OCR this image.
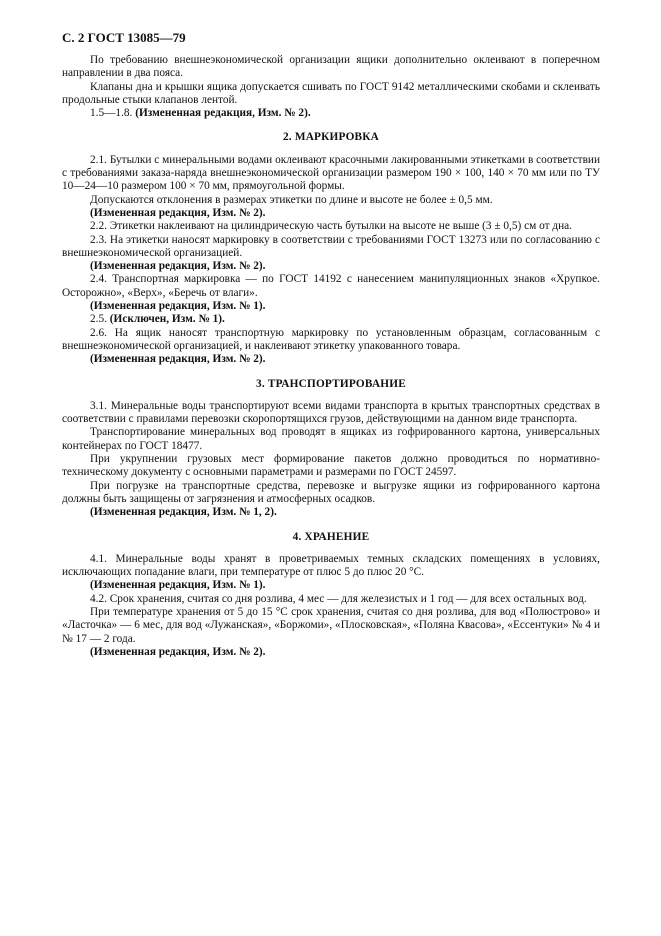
С. 2 ГОСТ 13085—79

По требованию внешнеэкономической организации ящики дополнительно оклеивают в поперечном направлении в два пояса.

Клапаны дна и крышки ящика допускается сшивать по ГОСТ 9142 металлическими скобами и склеивать продольные стыки клапанов лентой.

1.5—1.8. (Измененная редакция, Изм. № 2).

2. МАРКИРОВКА

2.1. Бутылки с минеральными водами оклеивают красочными лакированными этикетками в соответствии с требованиями заказа-наряда внешнеэкономической организации размером 190 × 100, 140 × 70 мм или по ТУ 10—24—10 размером 100 × 70 мм, прямоугольной формы.

Допускаются отклонения в размерах этикетки по длине и высоте не более ± 0,5 мм.

(Измененная редакция, Изм. № 2).

2.2. Этикетки наклеивают на цилиндрическую часть бутылки на высоте не выше (3 ± 0,5) см от дна.

2.3. На этикетки наносят маркировку в соответствии с требованиями ГОСТ 13273 или по согласованию с внешнеэкономической организацией.

(Измененная редакция, Изм. № 2).

2.4. Транспортная маркировка — по ГОСТ 14192 с нанесением манипуляционных знаков «Хрупкое. Осторожно», «Верх», «Беречь от влаги».

(Измененная редакция, Изм. № 1).

2.5. (Исключен, Изм. № 1).

2.6. На ящик наносят транспортную маркировку по установленным образцам, согласованным с внешнеэкономической организацией, и наклеивают этикетку упакованного товара.

(Измененная редакция, Изм. № 2).

3. ТРАНСПОРТИРОВАНИЕ

3.1. Минеральные воды транспортируют всеми видами транспорта в крытых транспортных средствах в соответствии с правилами перевозки скоропортящихся грузов, действующими на данном виде транспорта.

Транспортирование минеральных вод проводят в ящиках из гофрированного картона, универсальных контейнерах по ГОСТ 18477.

При укрупнении грузовых мест формирование пакетов должно проводиться по нормативно-техническому документу с основными параметрами и размерами по ГОСТ 24597.

При погрузке на транспортные средства, перевозке и выгрузке ящики из гофрированного картона должны быть защищены от загрязнения и атмосферных осадков.

(Измененная редакция, Изм. № 1, 2).

4. ХРАНЕНИЕ

4.1. Минеральные воды хранят в проветриваемых темных складских помещениях в условиях, исключающих попадание влаги, при температуре от плюс 5 до плюс 20 °С.

(Измененная редакция, Изм. № 1).

4.2. Срок хранения, считая со дня розлива, 4 мес — для железистых и 1 год — для всех остальных вод.

При температуре хранения от 5 до 15 °С срок хранения, считая со дня розлива, для вод «Полюстрово» и «Ласточка» — 6 мес, для вод «Лужанская», «Боржоми», «Плосковская», «Поляна Квасова», «Ессентуки» № 4 и № 17 — 2 года.

(Измененная редакция, Изм. № 2).
